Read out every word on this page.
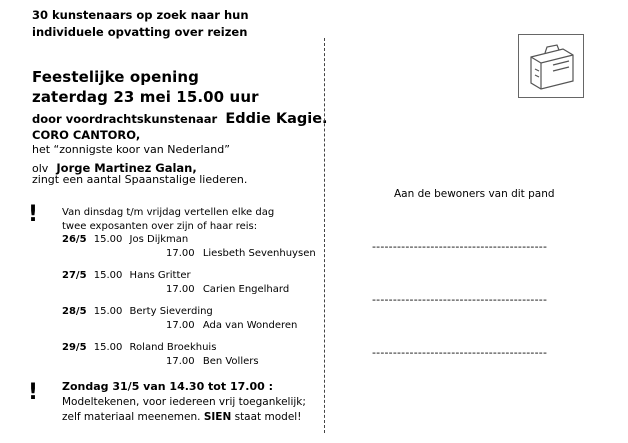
30 kunstenaars op zoek naar hun
individuele opvatting over reizen
Feestelijke opening
zaterdag 23 mei 15.00 uur
door voordrachtskunstenaar Eddie Kagie.
CORO CANTORO,
het “zonnigste koor van Nederland”
olv Jorge Martinez Galan,
zingt een aantal Spaanstalige liederen.
! Van dinsdag t/m vrijdag vertellen elke dag
twee exposanten over zijn of haar reis:
26/5 15.00 Jos Dijkman
17.00 Liesbeth Sevenhuysen
27/5 15.00 Hans Gritter
17.00 Carien Engelhard
28/5 15.00 Berty Sieverding
17.00 Ada van Wonderen
29/5 15.00 Roland Broekhuis
17.00 Ben Vollers
! Zondag 31/5 van 14.30 tot 17.00 :
Modeltekenen, voor iedereen vrij toegankelijk;
zelf materiaal meenemen. SIEN staat model!
Aan de bewoners van dit pand
------------------------------------------
------------------------------------------
------------------------------------------
